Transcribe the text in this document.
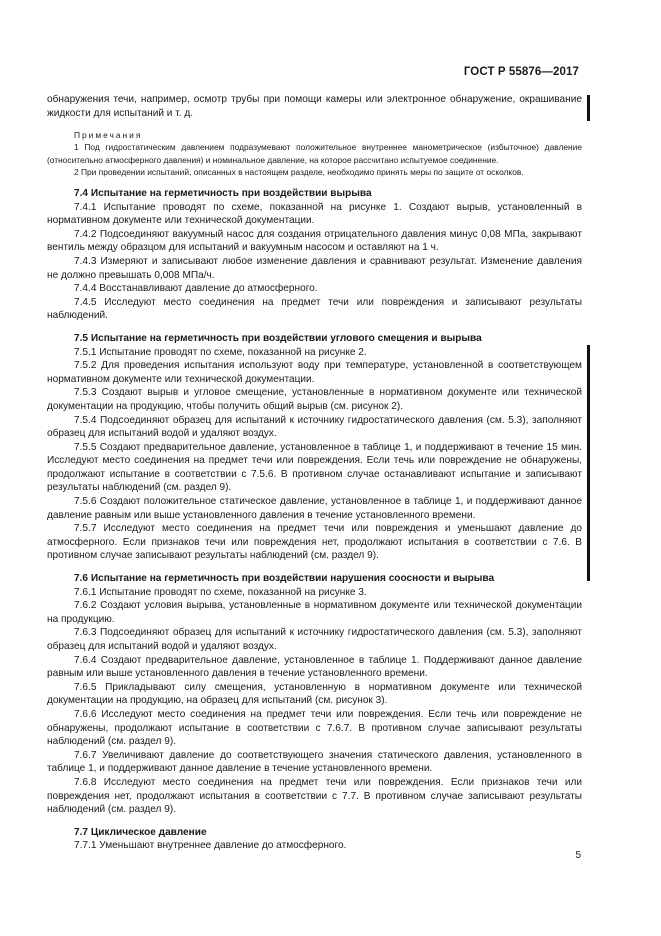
ГОСТ Р 55876—2017

обнаружения течи, например, осмотр трубы при помощи камеры или электронное обнаружение, окрашивание жидкости для испытаний и т. д.

Примечания

1 Под гидростатическим давлением подразумевают положительное внутреннее манометрическое (избыточное) давление (относительно атмосферного давления) и номинальное давление, на которое рассчитано испытуемое соединение.

2 При проведении испытаний, описанных в настоящем разделе, необходимо принять меры по защите от осколков.

7.4 Испытание на герметичность при воздействии вырыва

7.4.1 Испытание проводят по схеме, показанной на рисунке 1. Создают вырыв, установленный в нормативном документе или технической документации.

7.4.2 Подсоединяют вакуумный насос для создания отрицательного давления минус 0,08 МПа, закрывают вентиль между образцом для испытаний и вакуумным насосом и оставляют на 1 ч.

7.4.3 Измеряют и записывают любое изменение давления и сравнивают результат. Изменение давления не должно превышать 0,008 МПа/ч.

7.4.4 Восстанавливают давление до атмосферного.

7.4.5 Исследуют место соединения на предмет течи или повреждения и записывают результаты наблюдений.

7.5 Испытание на герметичность при воздействии углового смещения и вырыва

7.5.1 Испытание проводят по схеме, показанной на рисунке 2.

7.5.2 Для проведения испытания используют воду при температуре, установленной в соответствующем нормативном документе или технической документации.

7.5.3 Создают вырыв и угловое смещение, установленные в нормативном документе или технической документации на продукцию, чтобы получить общий вырыв (см. рисунок 2).

7.5.4 Подсоединяют образец для испытаний к источнику гидростатического давления (см. 5.3), заполняют образец для испытаний водой и удаляют воздух.

7.5.5 Создают предварительное давление, установленное в таблице 1, и поддерживают в течение 15 мин. Исследуют место соединения на предмет течи или повреждения. Если течь или повреждение не обнаружены, продолжают испытание в соответствии с 7.5.6. В противном случае останавливают испытание и записывают результаты наблюдений (см. раздел 9).

7.5.6 Создают положительное статическое давление, установленное в таблице 1, и поддерживают данное давление равным или выше установленного давления в течение установленного времени.

7.5.7 Исследуют место соединения на предмет течи или повреждения и уменьшают давление до атмосферного. Если признаков течи или повреждения нет, продолжают испытания в соответствии с 7.6. В противном случае записывают результаты наблюдений (см. раздел 9).

7.6 Испытание на герметичность при воздействии нарушения соосности и вырыва

7.6.1 Испытание проводят по схеме, показанной на рисунке 3.

7.6.2 Создают условия вырыва, установленные в нормативном документе или технической документации на продукцию.

7.6.3 Подсоединяют образец для испытаний к источнику гидростатического давления (см. 5.3), заполняют образец для испытаний водой и удаляют воздух.

7.6.4 Создают предварительное давление, установленное в таблице 1. Поддерживают данное давление равным или выше установленного давления в течение установленного времени.

7.6.5 Прикладывают силу смещения, установленную в нормативном документе или технической документации на продукцию, на образец для испытаний (см. рисунок 3).

7.6.6 Исследуют место соединения на предмет течи или повреждения. Если течь или повреждение не обнаружены, продолжают испытание в соответствии с 7.6.7. В противном случае записывают результаты наблюдений (см. раздел 9).

7.6.7 Увеличивают давление до соответствующего значения статического давления, установленного в таблице 1, и поддерживают данное давление в течение установленного времени.

7.6.8 Исследуют место соединения на предмет течи или повреждения. Если признаков течи или повреждения нет, продолжают испытания в соответствии с 7.7. В противном случае записывают результаты наблюдений (см. раздел 9).

7.7 Циклическое давление

7.7.1 Уменьшают внутреннее давление до атмосферного.

5
